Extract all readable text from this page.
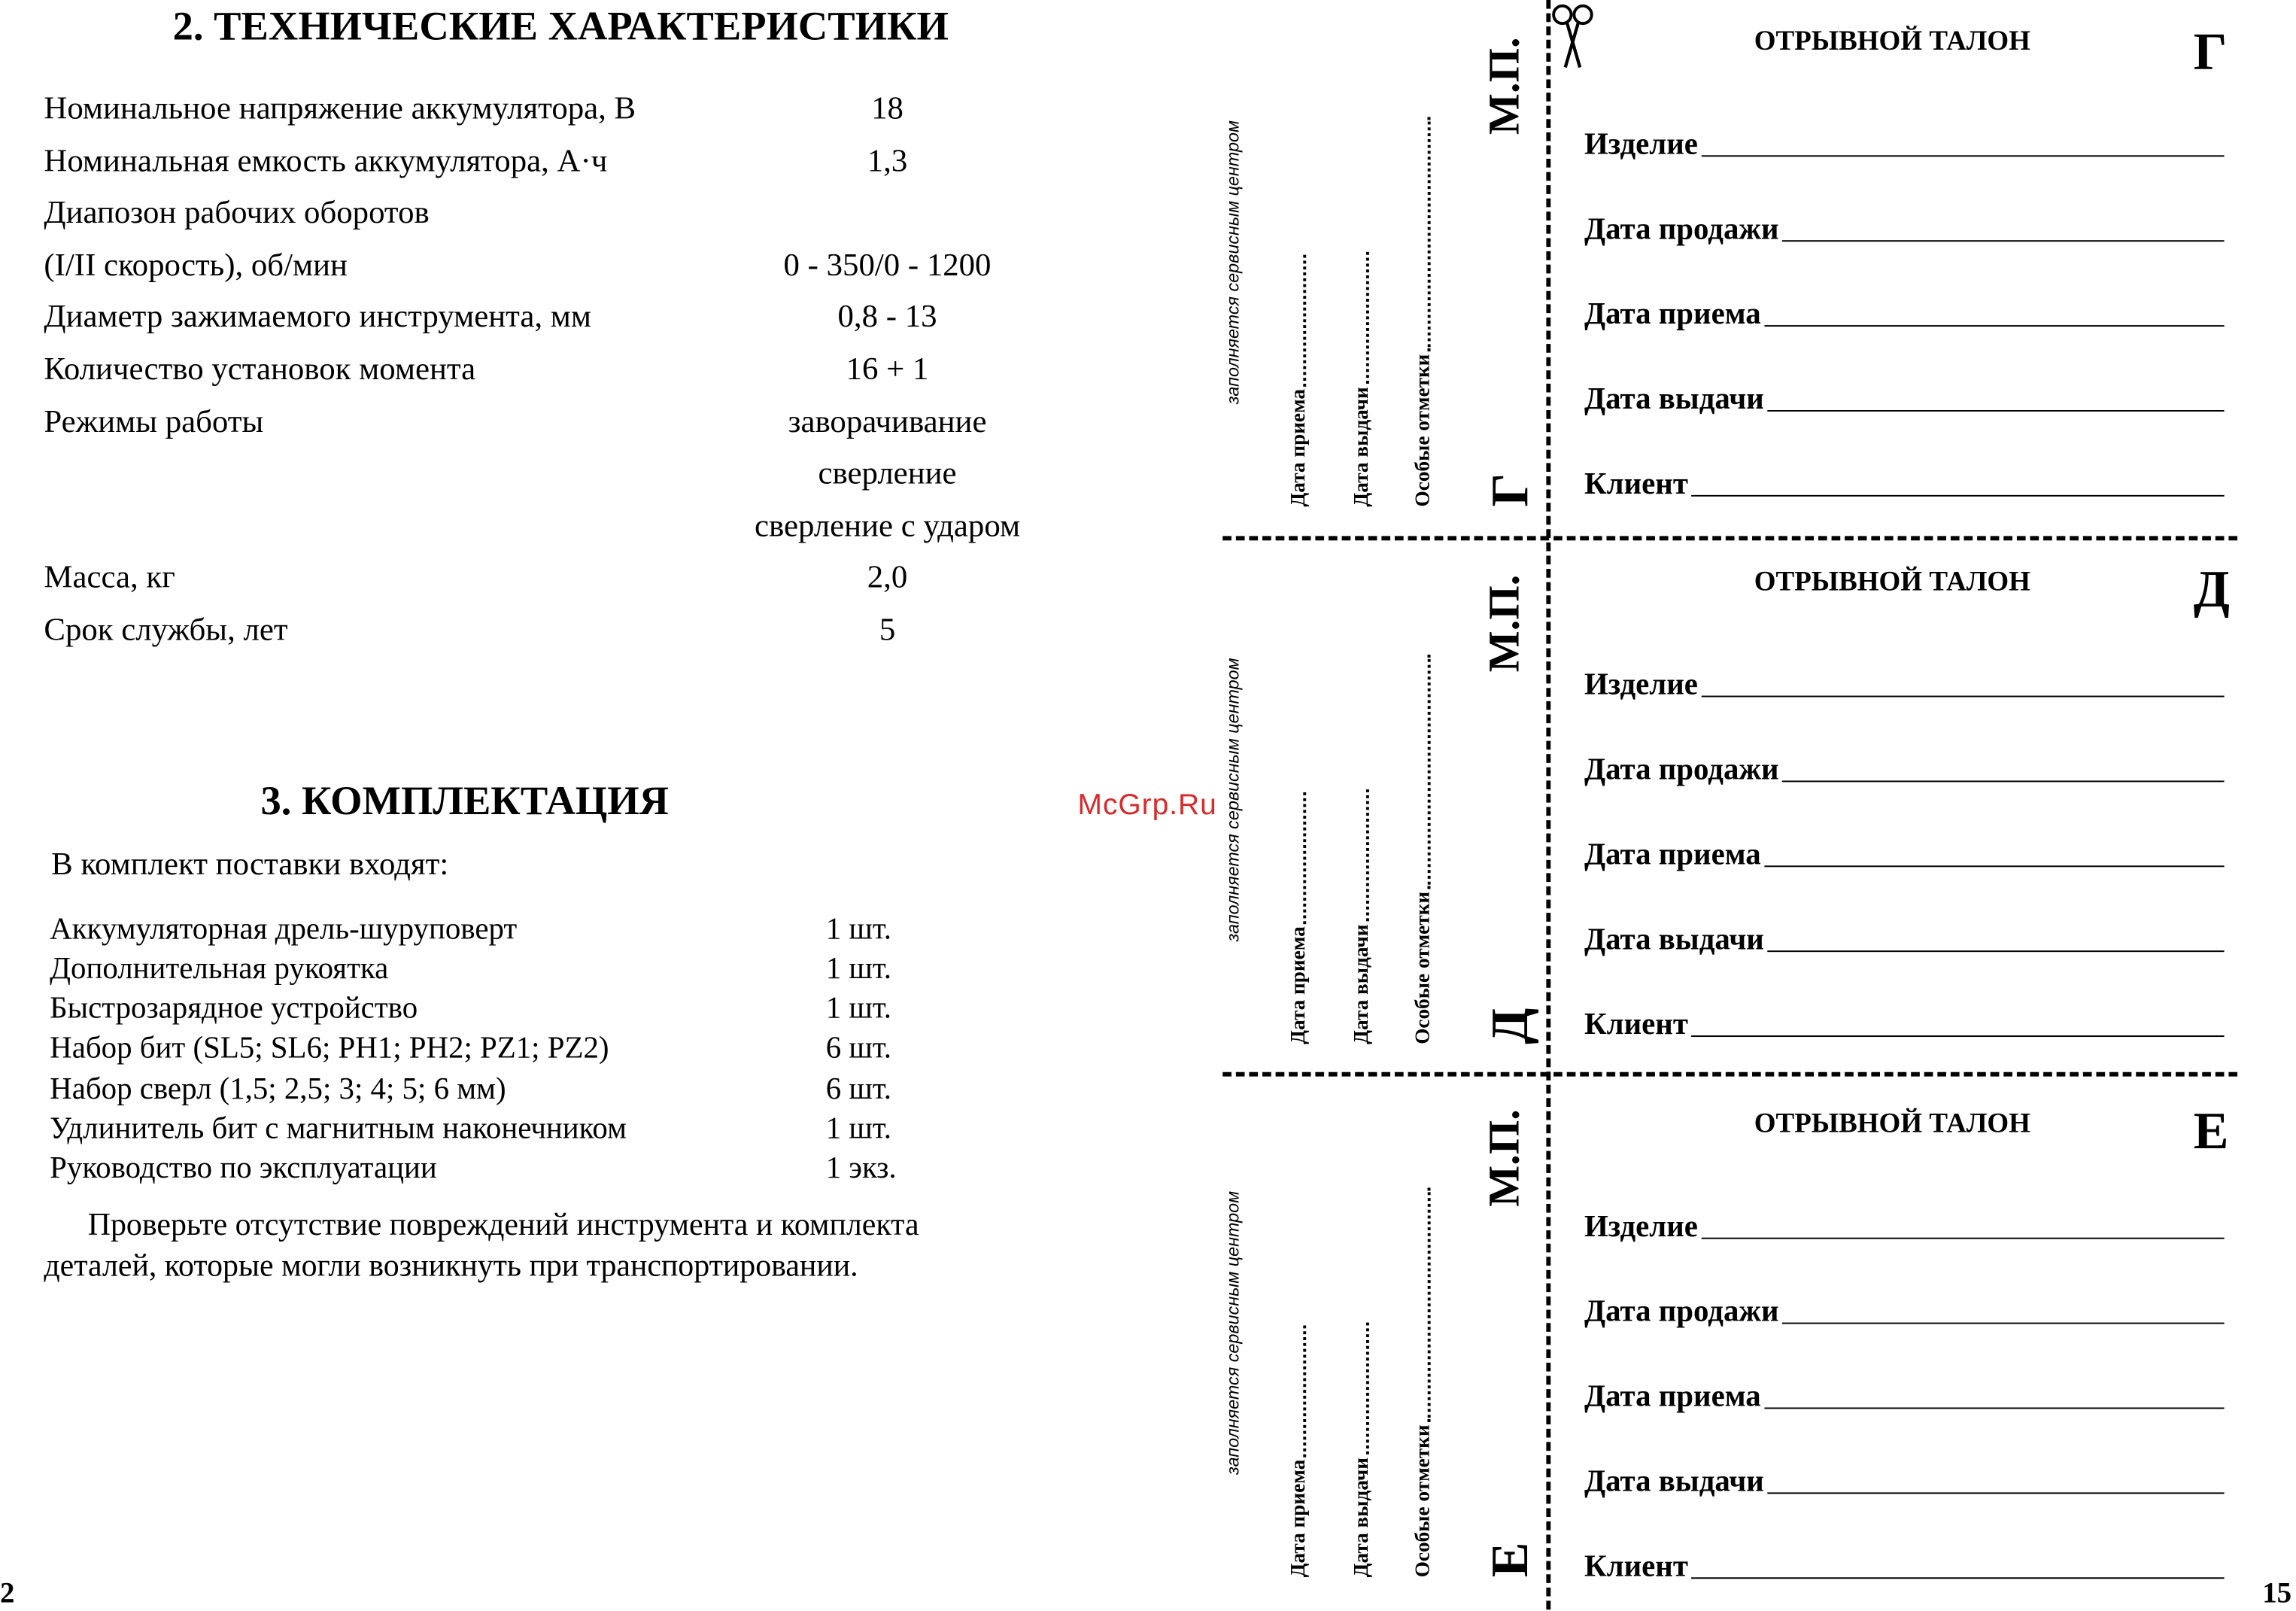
2. ТЕХНИЧЕСКИЕ ХАРАКТЕРИСТИКИ
Номинальное напряжение аккумулятора, В	18
Номинальная емкость аккумулятора, А·ч	1,3
Диапозон рабочих оборотов
(I/II скорость), об/мин	0 - 350/0 - 1200
Диаметр зажимаемого инструмента, мм	0,8 - 13
Количество установок момента	16 + 1
Режимы работы	заворачивание
сверление
сверление с ударом
Масса, кг	2,0
Срок службы, лет	5
3. КОМПЛЕКТАЦИЯ
В комплект поставки входят:
Аккумуляторная дрель-шуруповерт	1 шт.
Дополнительная рукоятка	1 шт.
Быстрозарядное устройство	1 шт.
Набор бит (SL5; SL6; PH1; PH2; PZ1; PZ2)	6 шт.
Набор сверл (1,5; 2,5; 3; 4; 5; 6 мм)	6 шт.
Удлинитель бит с магнитным наконечником	1 шт.
Руководство по эксплуатации	1 экз.
Проверьте отсутствие повреждений инструмента и комплекта
деталей, которые могли возникнуть при транспортировании.
2
McGrp.Ru
заполняется сервисным центром
Дата приема	Дата выдачи	Особые отметки
М.П.
Г
ОТРЫВНОЙ ТАЛОН	Г
Изделие
Дата продажи
Дата приема
Дата выдачи
Клиент
заполняется сервисным центром
Дата приема	Дата выдачи	Особые отметки
М.П.
Д
ОТРЫВНОЙ ТАЛОН	Д
Изделие
Дата продажи
Дата приема
Дата выдачи
Клиент
заполняется сервисным центром
Дата приема	Дата выдачи	Особые отметки
М.П.
Е
ОТРЫВНОЙ ТАЛОН	Е
Изделие
Дата продажи
Дата приема
Дата выдачи
Клиент
15
